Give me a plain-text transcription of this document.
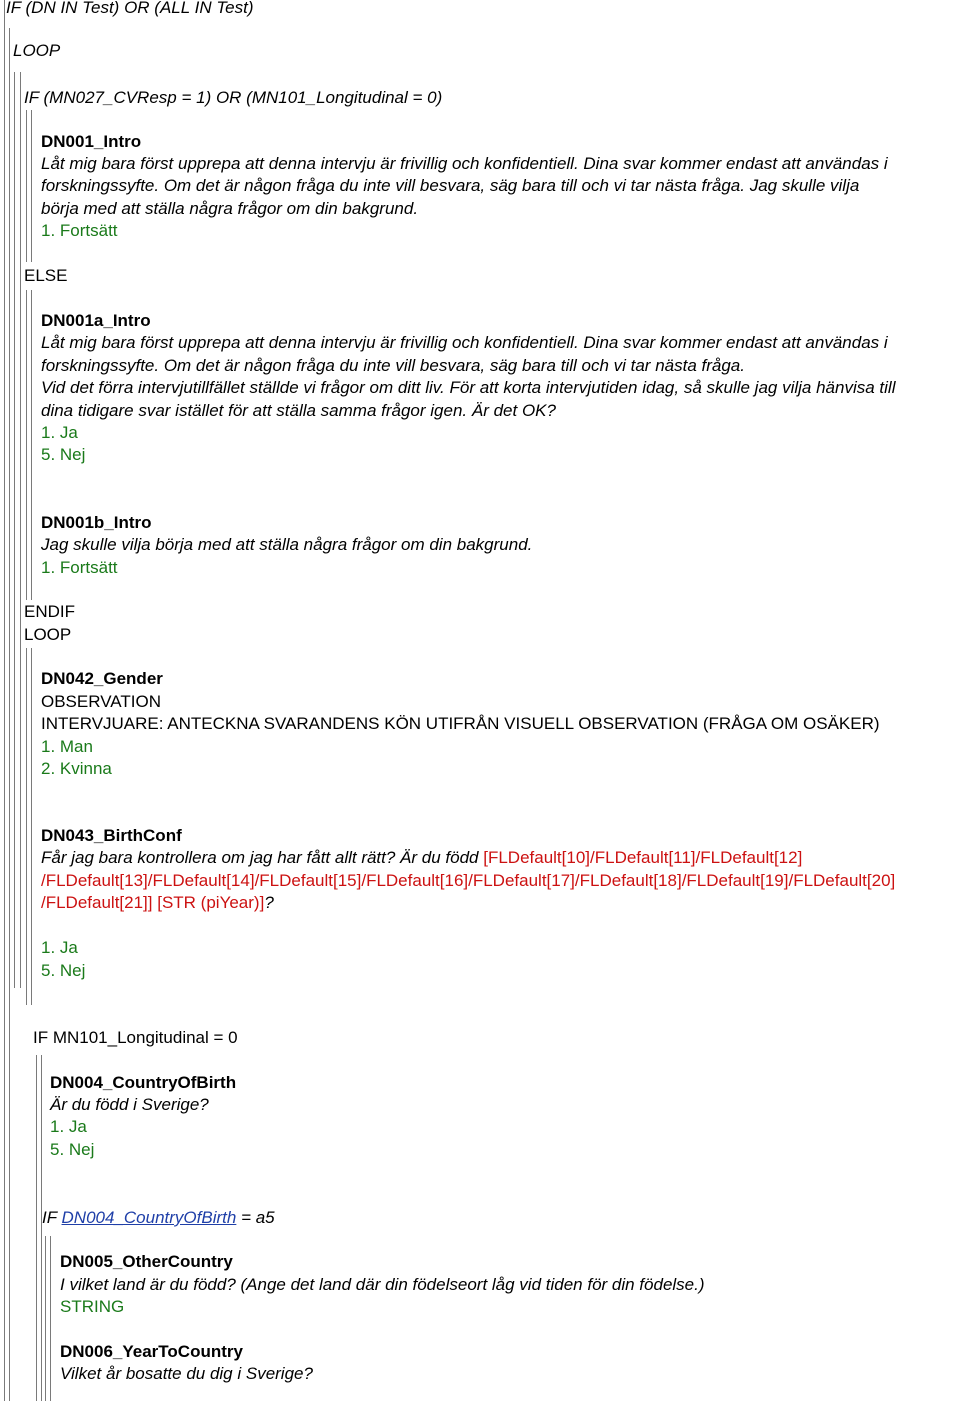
IF (DN IN Test) OR (ALL IN Test)
LOOP
IF (MN027_CVResp = 1) OR (MN101_Longitudinal = 0)
DN001_Intro
Låt mig bara först upprepa att denna intervju är frivillig och konfidentiell. Dina svar kommer endast att användas i
forskningssyfte. Om det är någon fråga du inte vill besvara, säg bara till och vi tar nästa fråga. Jag skulle vilja
börja med att ställa några frågor om din bakgrund.
1. Fortsätt
ELSE
DN001a_Intro
Låt mig bara först upprepa att denna intervju är frivillig och konfidentiell. Dina svar kommer endast att användas i
forskningssyfte. Om det är någon fråga du inte vill besvara, säg bara till och vi tar nästa fråga.
Vid det förra intervjutillfället ställde vi frågor om ditt liv. För att korta intervjutiden idag, så skulle jag vilja hänvisa till
dina tidigare svar istället för att ställa samma frågor igen. Är det OK?
1. Ja
5. Nej
DN001b_Intro
Jag skulle vilja börja med att ställa några frågor om din bakgrund.
1. Fortsätt
ENDIF
LOOP
DN042_Gender
OBSERVATION
INTERVJUARE: ANTECKNA SVARANDENS KÖN UTIFRÅN VISUELL OBSERVATION (FRÅGA OM OSÄKER)
1. Man
2. Kvinna
DN043_BirthConf
Får jag bara kontrollera om jag har fått allt rätt? Är du född [FLDefault[10]/FLDefault[11]/FLDefault[12]
/FLDefault[13]/FLDefault[14]/FLDefault[15]/FLDefault[16]/FLDefault[17]/FLDefault[18]/FLDefault[19]/FLDefault[20]
/FLDefault[21]] [STR (piYear)]?
1. Ja
5. Nej
IF MN101_Longitudinal = 0
DN004_CountryOfBirth
Är du född i Sverige?
1. Ja
5. Nej
IF DN004_CountryOfBirth = a5
DN005_OtherCountry
I vilket land är du född? (Ange det land där din födelseort låg vid tiden för din födelse.)
STRING
DN006_YearToCountry
Vilket år bosatte du dig i Sverige?
